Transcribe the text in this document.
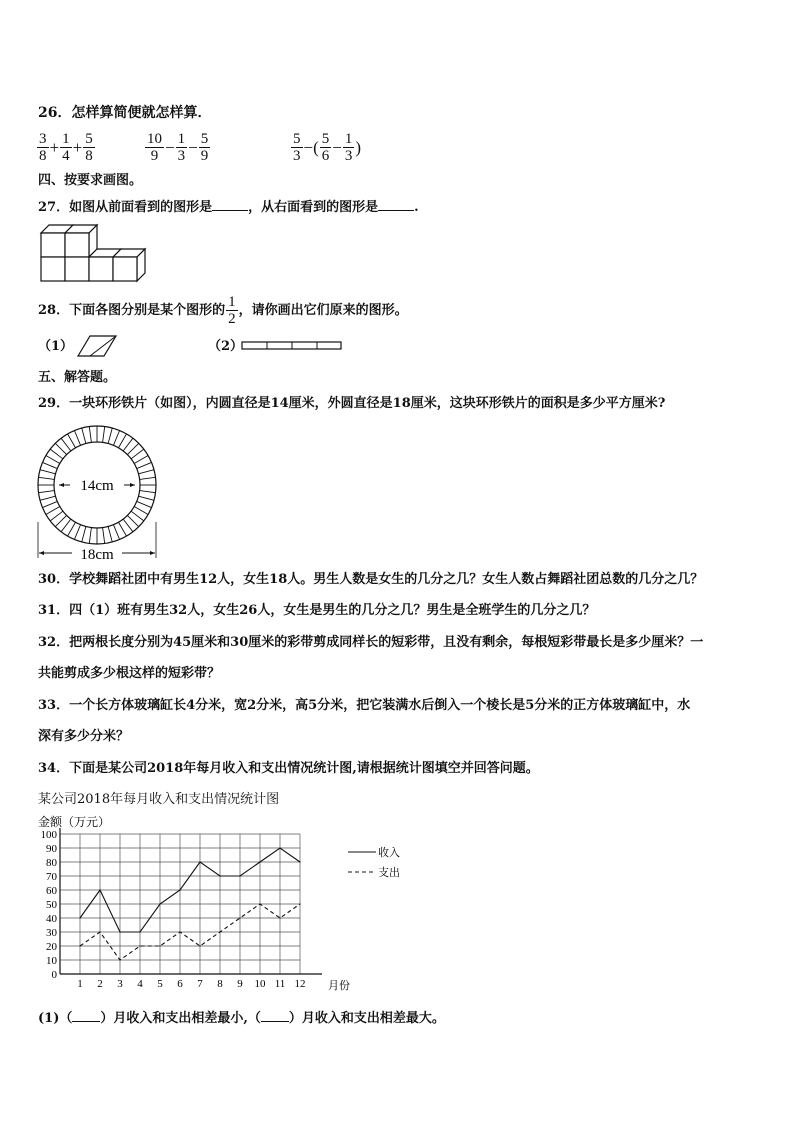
26．怎样算简便就怎样算．
$\frac{3}{8} + \frac{1}{4} + \frac{5}{8}$	$\frac{10}{9} - \frac{1}{3} - \frac{5}{9}$	$\frac{5}{3}$ −( $\frac{5}{6} - \frac{1}{3}$ )
四、按要求画图。
27．如图从前面看到的图形是	，从右面看到的图形是	.
28．下面各图分别是某个图形的 $\frac{1}{2}$ ，请你画出它们原来的图形。
（1）	（2）
五、解答题。
29．一块环形铁片（如图），内圆直径是14厘米，外圆直径是18厘米，这块环形铁片的面积是多少平方厘米?
14cm
18cm
30．学校舞蹈社团中有男生12人，女生18人。男生人数是女生的几分之几？女生人数占舞蹈社团总数的几分之几？
31．四（1）班有男生32人，女生26人，女生是男生的几分之几？男生是全班学生的几分之几？
32．把两根长度分别为45厘米和30厘米的彩带剪成同样长的短彩带，且没有剩余，每根短彩带最长是多少厘米？一
共能剪成多少根这样的短彩带？
33．一个长方体玻璃缸长4分米，宽2分米，高5分米，把它装满水后倒入一个棱长是5分米的正方体玻璃缸中，水
深有多少分米？
34．下面是某公司2018年每月收入和支出情况统计图,请根据统计图填空并回答问题。
某公司2018年每月收入和支出情况统计图
金额（万元）
0
10
20
30
40
50
60
70
80
90
100
1 2 3 4 5 6 7 8 9 10 11 12 月份
收入
支出
(1)（ ）月收入和支出相差最小,（ ）月收入和支出相差最大。
